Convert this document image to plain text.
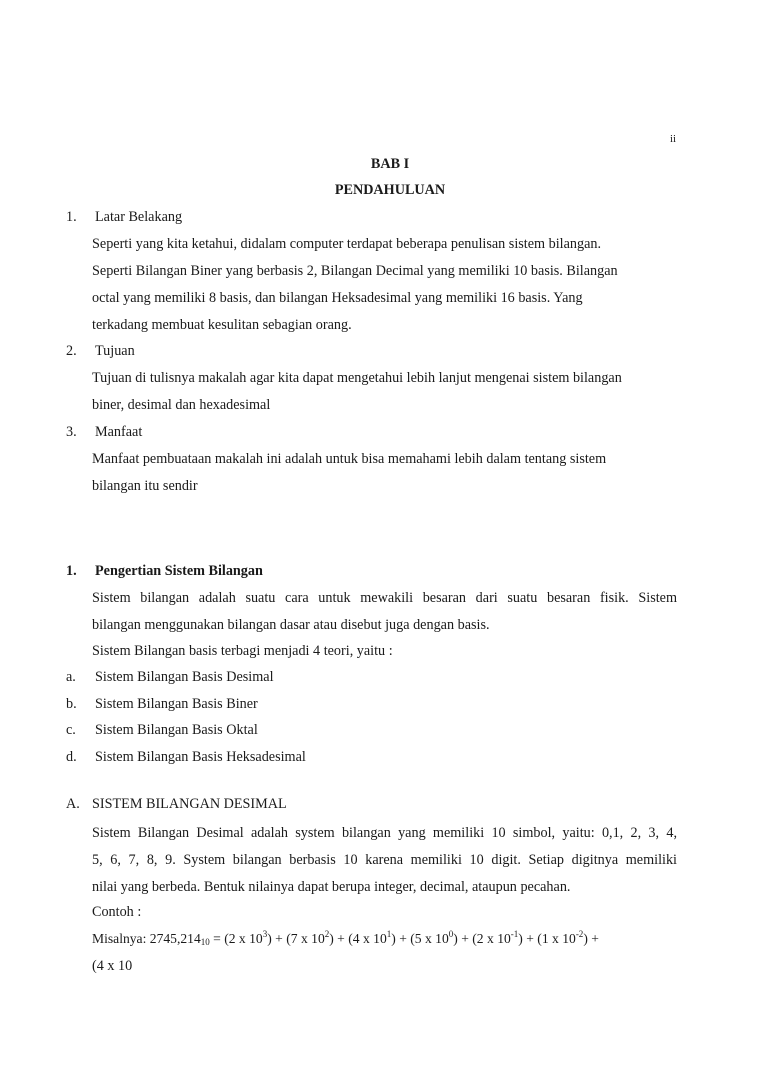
ii
BAB I
PENDAHULUAN
1. Latar Belakang
Seperti yang kita ketahui, didalam computer terdapat beberapa penulisan sistem bilangan.
Seperti Bilangan Biner yang berbasis 2, Bilangan Decimal yang memiliki 10 basis. Bilangan
octal yang memiliki 8 basis, dan bilangan Heksadesimal yang memiliki 16 basis. Yang
terkadang membuat kesulitan sebagian orang.
2. Tujuan
Tujuan di tulisnya makalah agar kita dapat mengetahui lebih lanjut mengenai sistem bilangan
biner, desimal dan hexadesimal
3. Manfaat
Manfaat pembuataan makalah ini adalah untuk bisa memahami lebih dalam tentang sistem
bilangan itu sendir
1. Pengertian Sistem Bilangan
Sistem bilangan adalah suatu cara untuk mewakili besaran dari suatu besaran fisik. Sistem
bilangan menggunakan bilangan dasar atau disebut juga dengan basis.
Sistem Bilangan basis terbagi menjadi 4 teori, yaitu :
a. Sistem Bilangan Basis Desimal
b. Sistem Bilangan Basis Biner
c. Sistem Bilangan Basis Oktal
d. Sistem Bilangan Basis Heksadesimal
A. SISTEM BILANGAN DESIMAL
Sistem Bilangan Desimal adalah system bilangan yang memiliki 10 simbol, yaitu: 0,1, 2, 3, 4,
5, 6, 7, 8, 9. System bilangan berbasis 10 karena memiliki 10 digit. Setiap digitnya memiliki
nilai yang berbeda. Bentuk nilainya dapat berupa integer, decimal, ataupun pecahan.
Contoh :
Misalnya: $2745,214_{10} = (2$ x $10^3) + (7$ x $10^2) + (4$ x $10^1) + (5$ x $10^0) + (2$ x $10^{-1}) + (1$ x $10^{-2}$) +
(4 x 10
